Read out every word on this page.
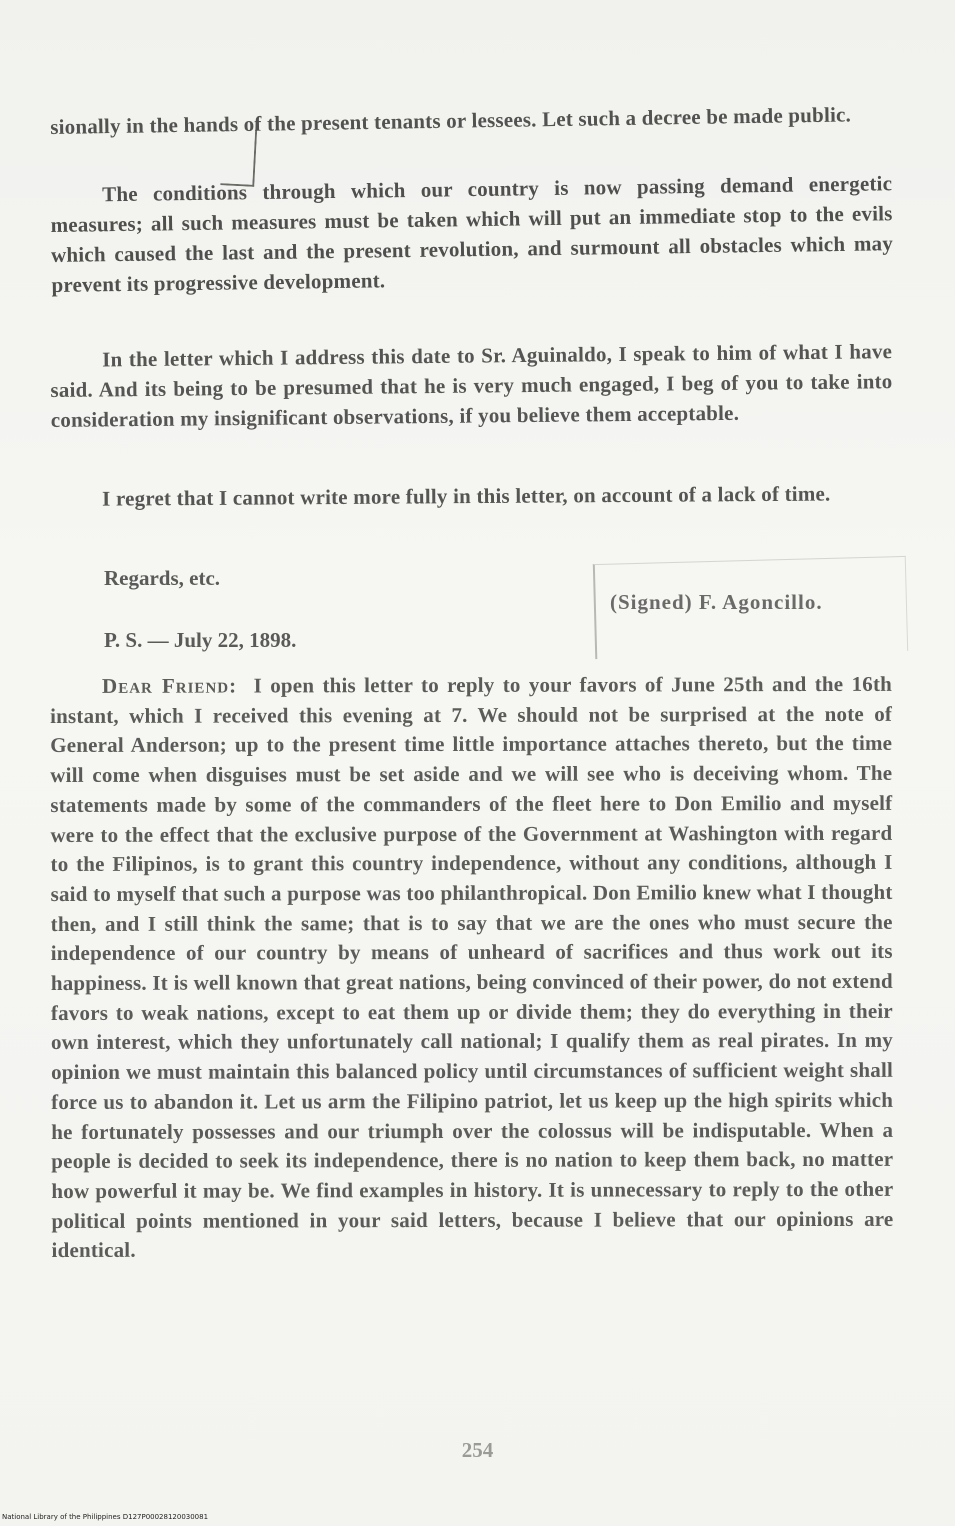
sionally in the hands of the present tenants or lessees. Let such a decree be made public.

The conditions through which our country is now passing demand energetic measures; all such measures must be taken which will put an immediate stop to the evils which caused the last and the present revolution, and surmount all obstacles which may prevent its progressive development.

In the letter which I address this date to Sr. Aguinaldo, I speak to him of what I have said. And its being to be presumed that he is very much engaged, I beg of you to take into consideration my insignificant observations, if you believe them acceptable.

I regret that I cannot write more fully in this letter, on account of a lack of time.

Regards, etc.
(Signed) F. Agoncillo.
P. S. — July 22, 1898.

Dear Friend: I open this letter to reply to your favors of June 25th and the 16th instant, which I received this evening at 7. We should not be surprised at the note of General Anderson; up to the present time little importance attaches thereto, but the time will come when disguises must be set aside and we will see who is deceiving whom. The statements made by some of the commanders of the fleet here to Don Emilio and myself were to the effect that the exclusive purpose of the Government at Washington with regard to the Filipinos, is to grant this country independence, without any conditions, although I said to myself that such a purpose was too philanthropical. Don Emilio knew what I thought then, and I still think the same; that is to say that we are the ones who must secure the independence of our country by means of unheard of sacrifices and thus work out its happiness. It is well known that great nations, being convinced of their power, do not extend favors to weak nations, except to eat them up or divide them; they do everything in their own interest, which they unfortunately call national; I qualify them as real pirates. In my opinion we must maintain this balanced policy until circumstances of sufficient weight shall force us to abandon it. Let us arm the Filipino patriot, let us keep up the high spirits which he fortunately possesses and our triumph over the colossus will be indisputable. When a people is decided to seek its independence, there is no nation to keep them back, no matter how powerful it may be. We find examples in history. It is unnecessary to reply to the other political points mentioned in your said letters, because I believe that our opinions are identical.

254
National Library of the Philippines D127P00028120030081
